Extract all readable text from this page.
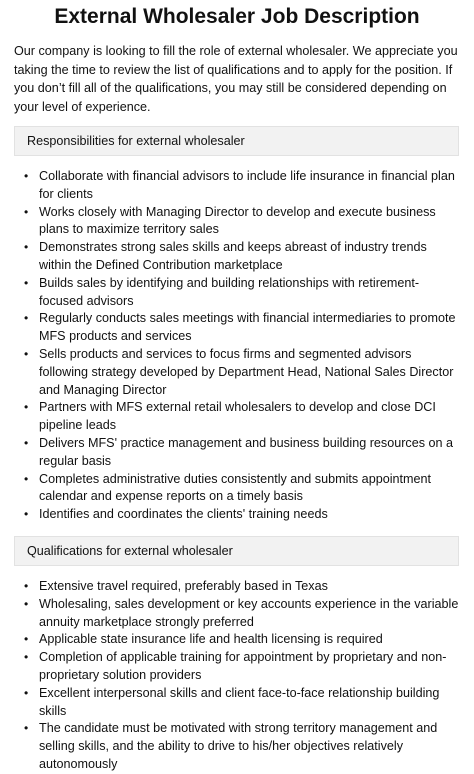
External Wholesaler Job Description

Our company is looking to fill the role of external wholesaler. We appreciate you taking the time to review the list of qualifications and to apply for the position. If you don’t fill all of the qualifications, you may still be considered depending on your level of experience.

Responsibilities for external wholesaler
• Collaborate with financial advisors to include life insurance in financial plan for clients
• Works closely with Managing Director to develop and execute business plans to maximize territory sales
• Demonstrates strong sales skills and keeps abreast of industry trends within the Defined Contribution marketplace
• Builds sales by identifying and building relationships with retirement-focused advisors
• Regularly conducts sales meetings with financial intermediaries to promote MFS products and services
• Sells products and services to focus firms and segmented advisors following strategy developed by Department Head, National Sales Director and Managing Director
• Partners with MFS external retail wholesalers to develop and close DCI pipeline leads
• Delivers MFS' practice management and business building resources on a regular basis
• Completes administrative duties consistently and submits appointment calendar and expense reports on a timely basis
• Identifies and coordinates the clients' training needs
Qualifications for external wholesaler
• Extensive travel required, preferably based in Texas
• Wholesaling, sales development or key accounts experience in the variable annuity marketplace strongly preferred
• Applicable state insurance life and health licensing is required
• Completion of applicable training for appointment by proprietary and non-proprietary solution providers
• Excellent interpersonal skills and client face-to-face relationship building skills
• The candidate must be motivated with strong territory management and selling skills, and the ability to drive to his/her objectives relatively autonomously
